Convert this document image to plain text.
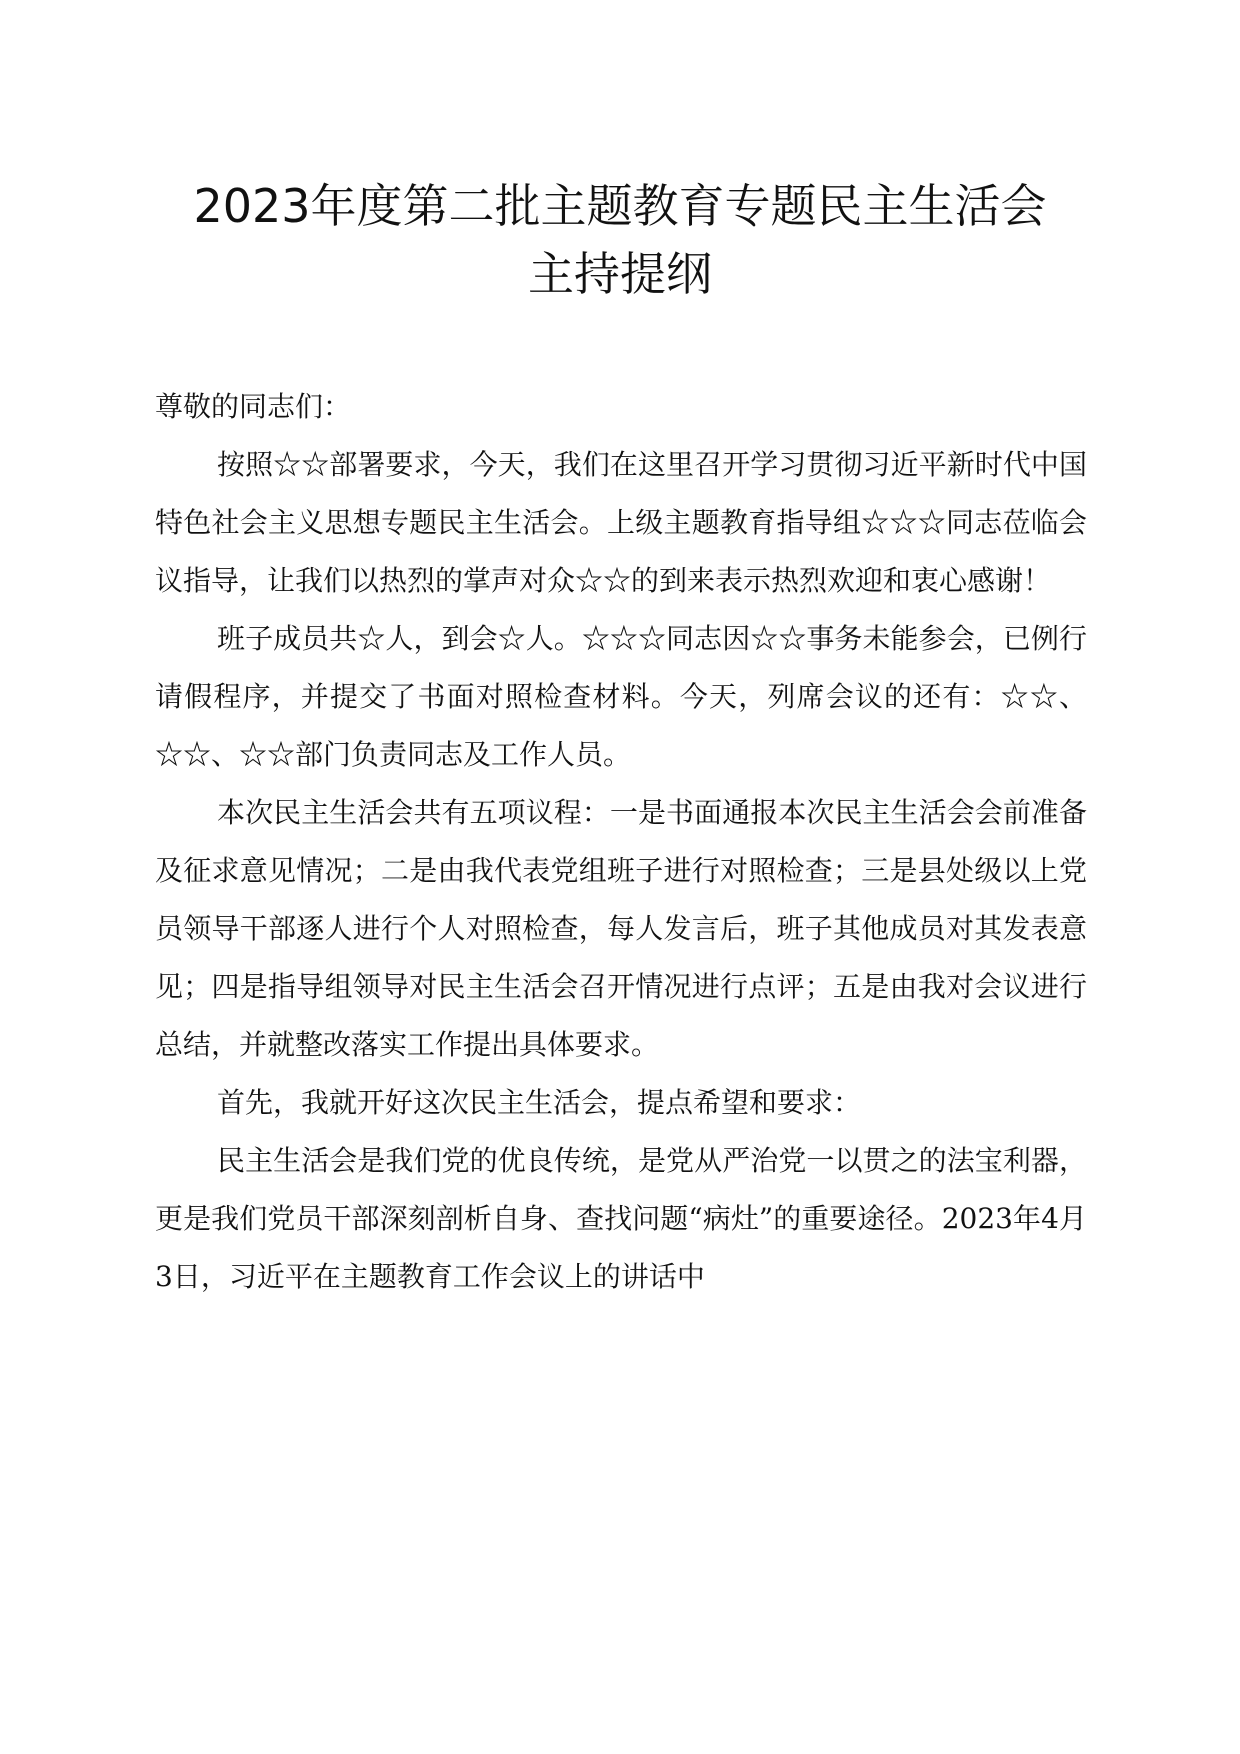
2023年度第二批主题教育专题民主生活会
主持提纲

尊敬的同志们：

按照☆☆部署要求，今天，我们在这里召开学习贯彻习近平新时代中国特色社会主义思想专题民主生活会。上级主题教育指导组☆☆☆同志莅临会议指导，让我们以热烈的掌声对众☆☆的到来表示热烈欢迎和衷心感谢！

班子成员共☆人，到会☆人。☆☆☆同志因☆☆事务未能参会，已例行请假程序，并提交了书面对照检查材料。今天，列席会议的还有：☆☆、☆☆、☆☆部门负责同志及工作人员。

本次民主生活会共有五项议程：一是书面通报本次民主生活会会前准备及征求意见情况；二是由我代表党组班子进行对照检查；三是县处级以上党员领导干部逐人进行个人对照检查，每人发言后，班子其他成员对其发表意见；四是指导组领导对民主生活会召开情况进行点评；五是由我对会议进行总结，并就整改落实工作提出具体要求。

首先，我就开好这次民主生活会，提点希望和要求：

民主生活会是我们党的优良传统，是党从严治党一以贯之的法宝利器，更是我们党员干部深刻剖析自身、查找问题“病灶”的重要途径。2023年4月3日，习近平在主题教育工作会议上的讲话中
